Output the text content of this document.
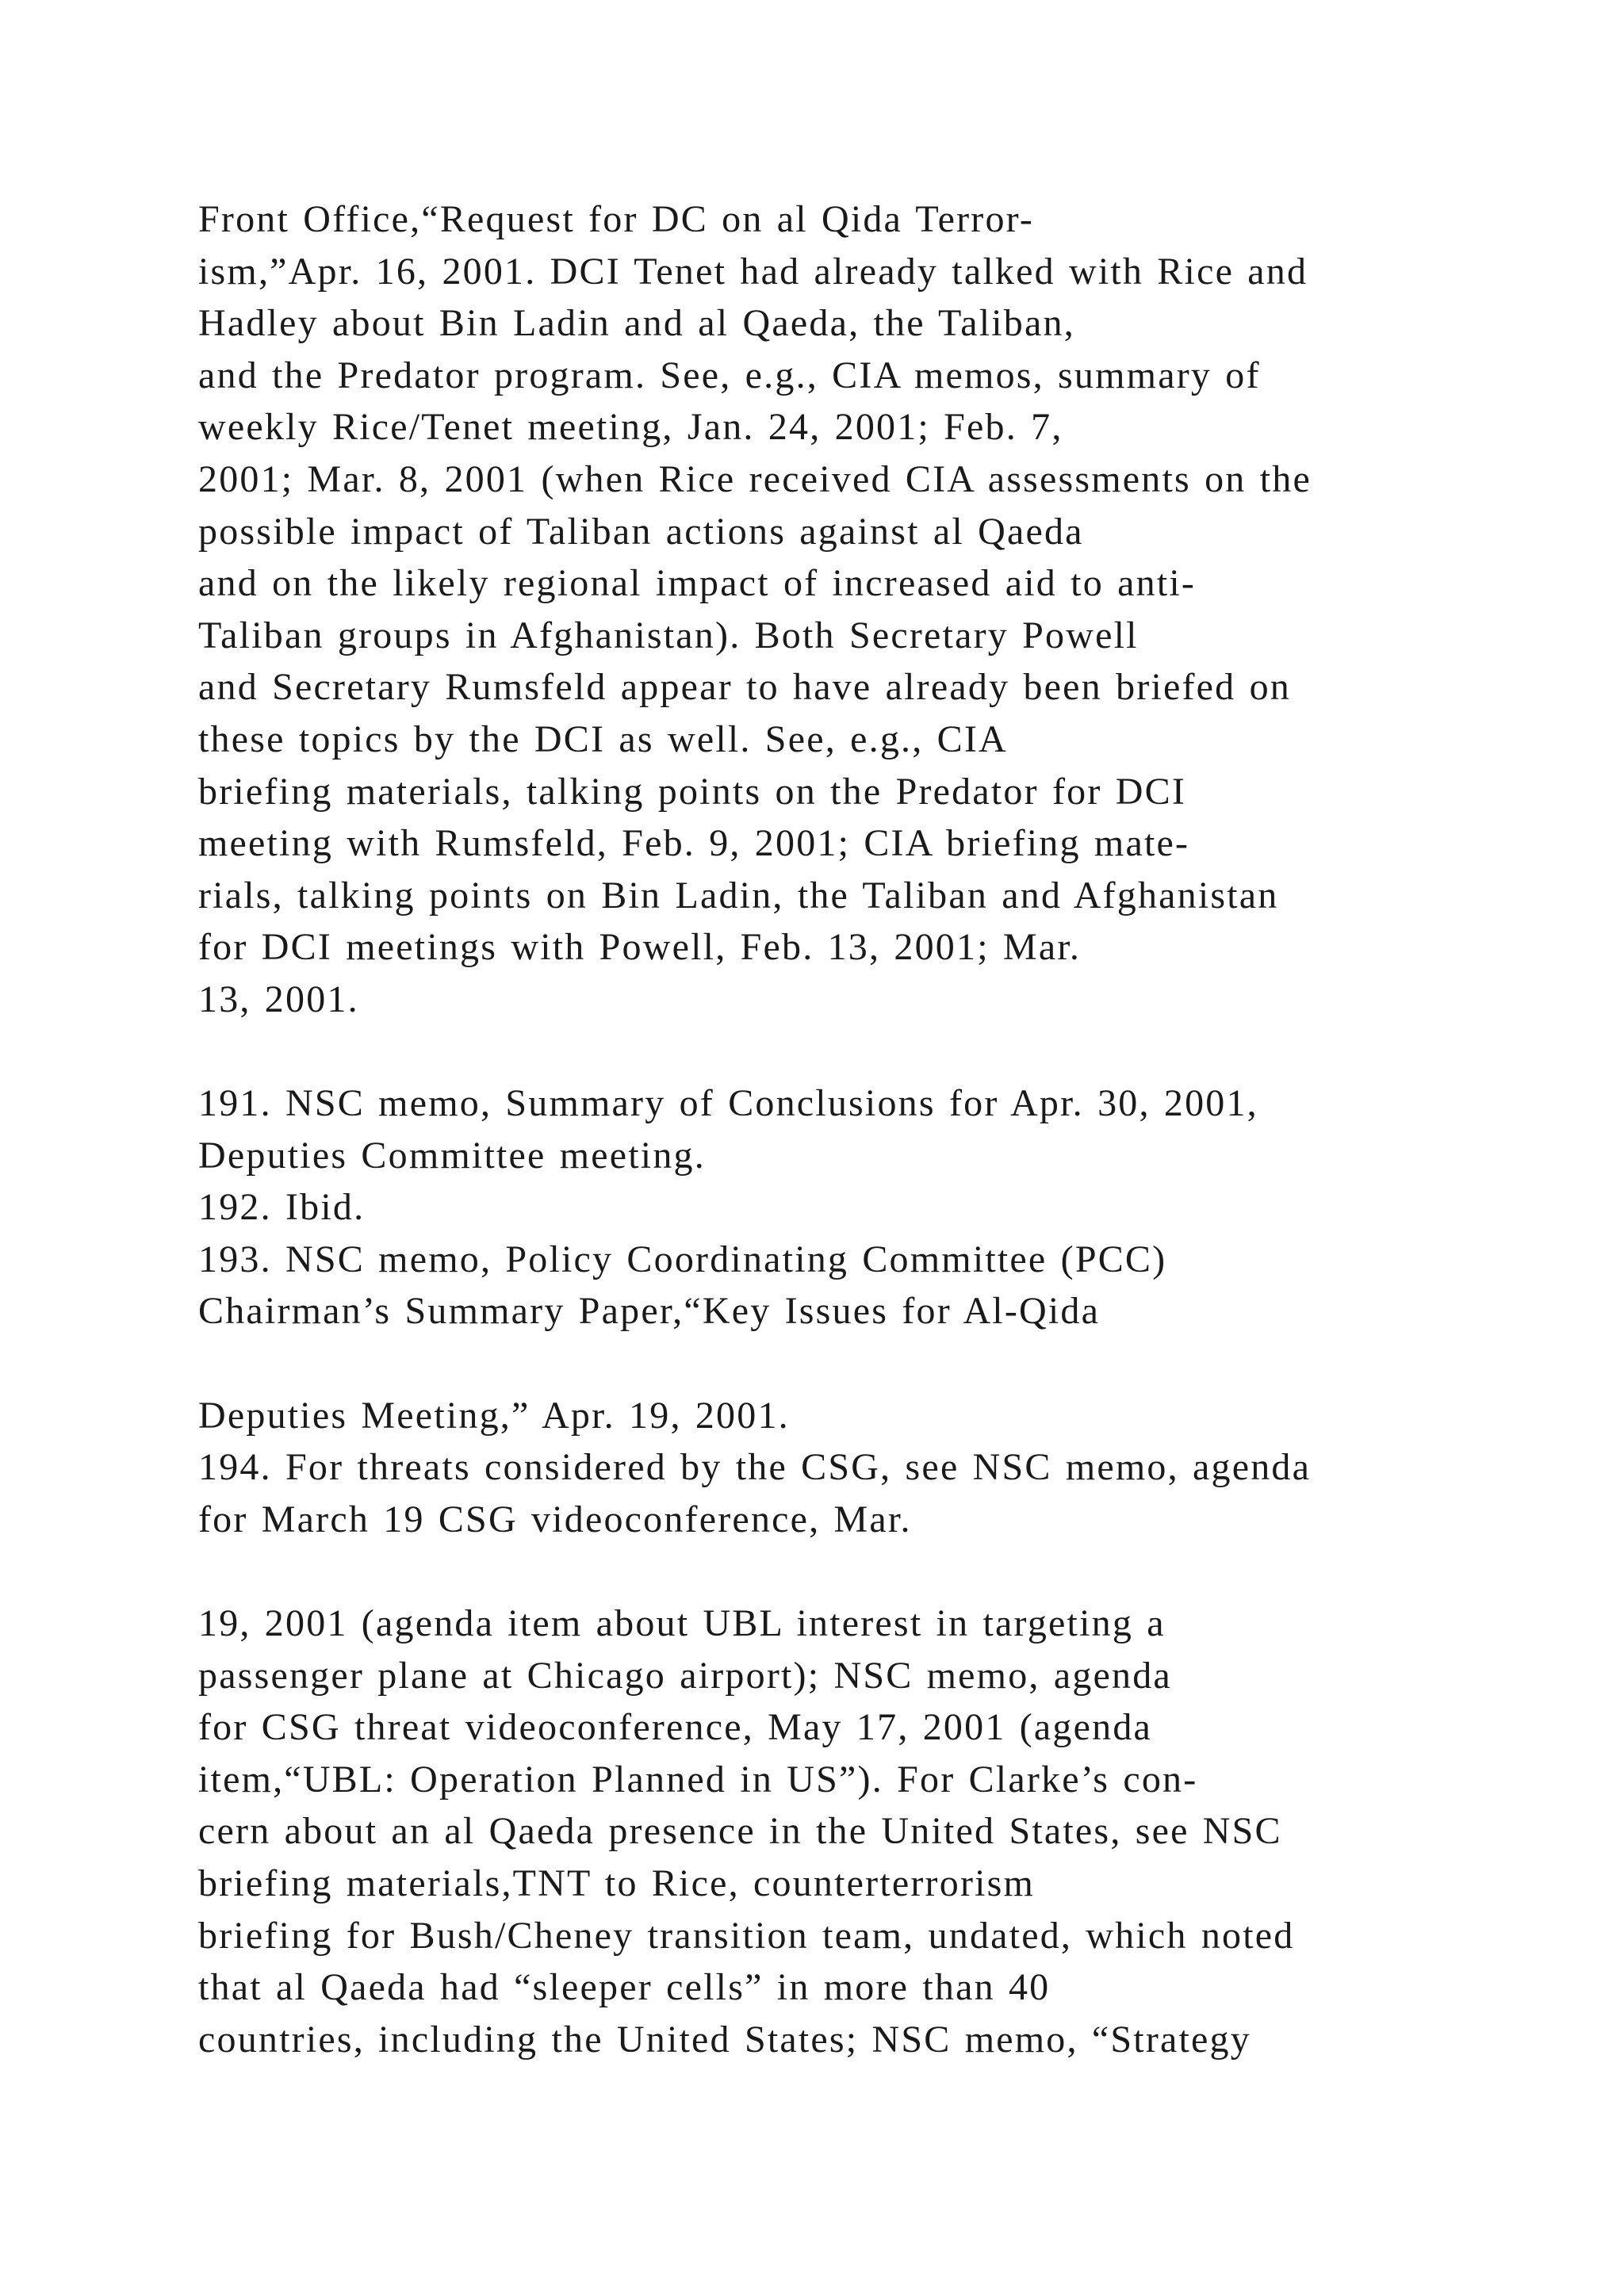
Front Office,“Request for DC on al Qida Terror-
ism,”Apr. 16, 2001. DCI Tenet had already talked with Rice and
Hadley about Bin Ladin and al Qaeda, the Taliban,
and the Predator program. See, e.g., CIA memos, summary of
weekly Rice/Tenet meeting, Jan. 24, 2001; Feb. 7,
2001; Mar. 8, 2001 (when Rice received CIA assessments on the
possible impact of Taliban actions against al Qaeda
and on the likely regional impact of increased aid to anti-
Taliban groups in Afghanistan). Both Secretary Powell
and Secretary Rumsfeld appear to have already been briefed on
these topics by the DCI as well. See, e.g., CIA
briefing materials, talking points on the Predator for DCI
meeting with Rumsfeld, Feb. 9, 2001; CIA briefing mate-
rials, talking points on Bin Ladin, the Taliban and Afghanistan
for DCI meetings with Powell, Feb. 13, 2001; Mar.
13, 2001.
191. NSC memo, Summary of Conclusions for Apr. 30, 2001,
Deputies Committee meeting.
192. Ibid.
193. NSC memo, Policy Coordinating Committee (PCC)
Chairman’s Summary Paper,“Key Issues for Al-Qida
Deputies Meeting,” Apr. 19, 2001.
194. For threats considered by the CSG, see NSC memo, agenda
for March 19 CSG videoconference, Mar.
19, 2001 (agenda item about UBL interest in targeting a
passenger plane at Chicago airport); NSC memo, agenda
for CSG threat videoconference, May 17, 2001 (agenda
item,“UBL: Operation Planned in US”). For Clarke’s con-
cern about an al Qaeda presence in the United States, see NSC
briefing materials,TNT to Rice, counterterrorism
briefing for Bush/Cheney transition team, undated, which noted
that al Qaeda had “sleeper cells” in more than 40
countries, including the United States; NSC memo, “Strategy
